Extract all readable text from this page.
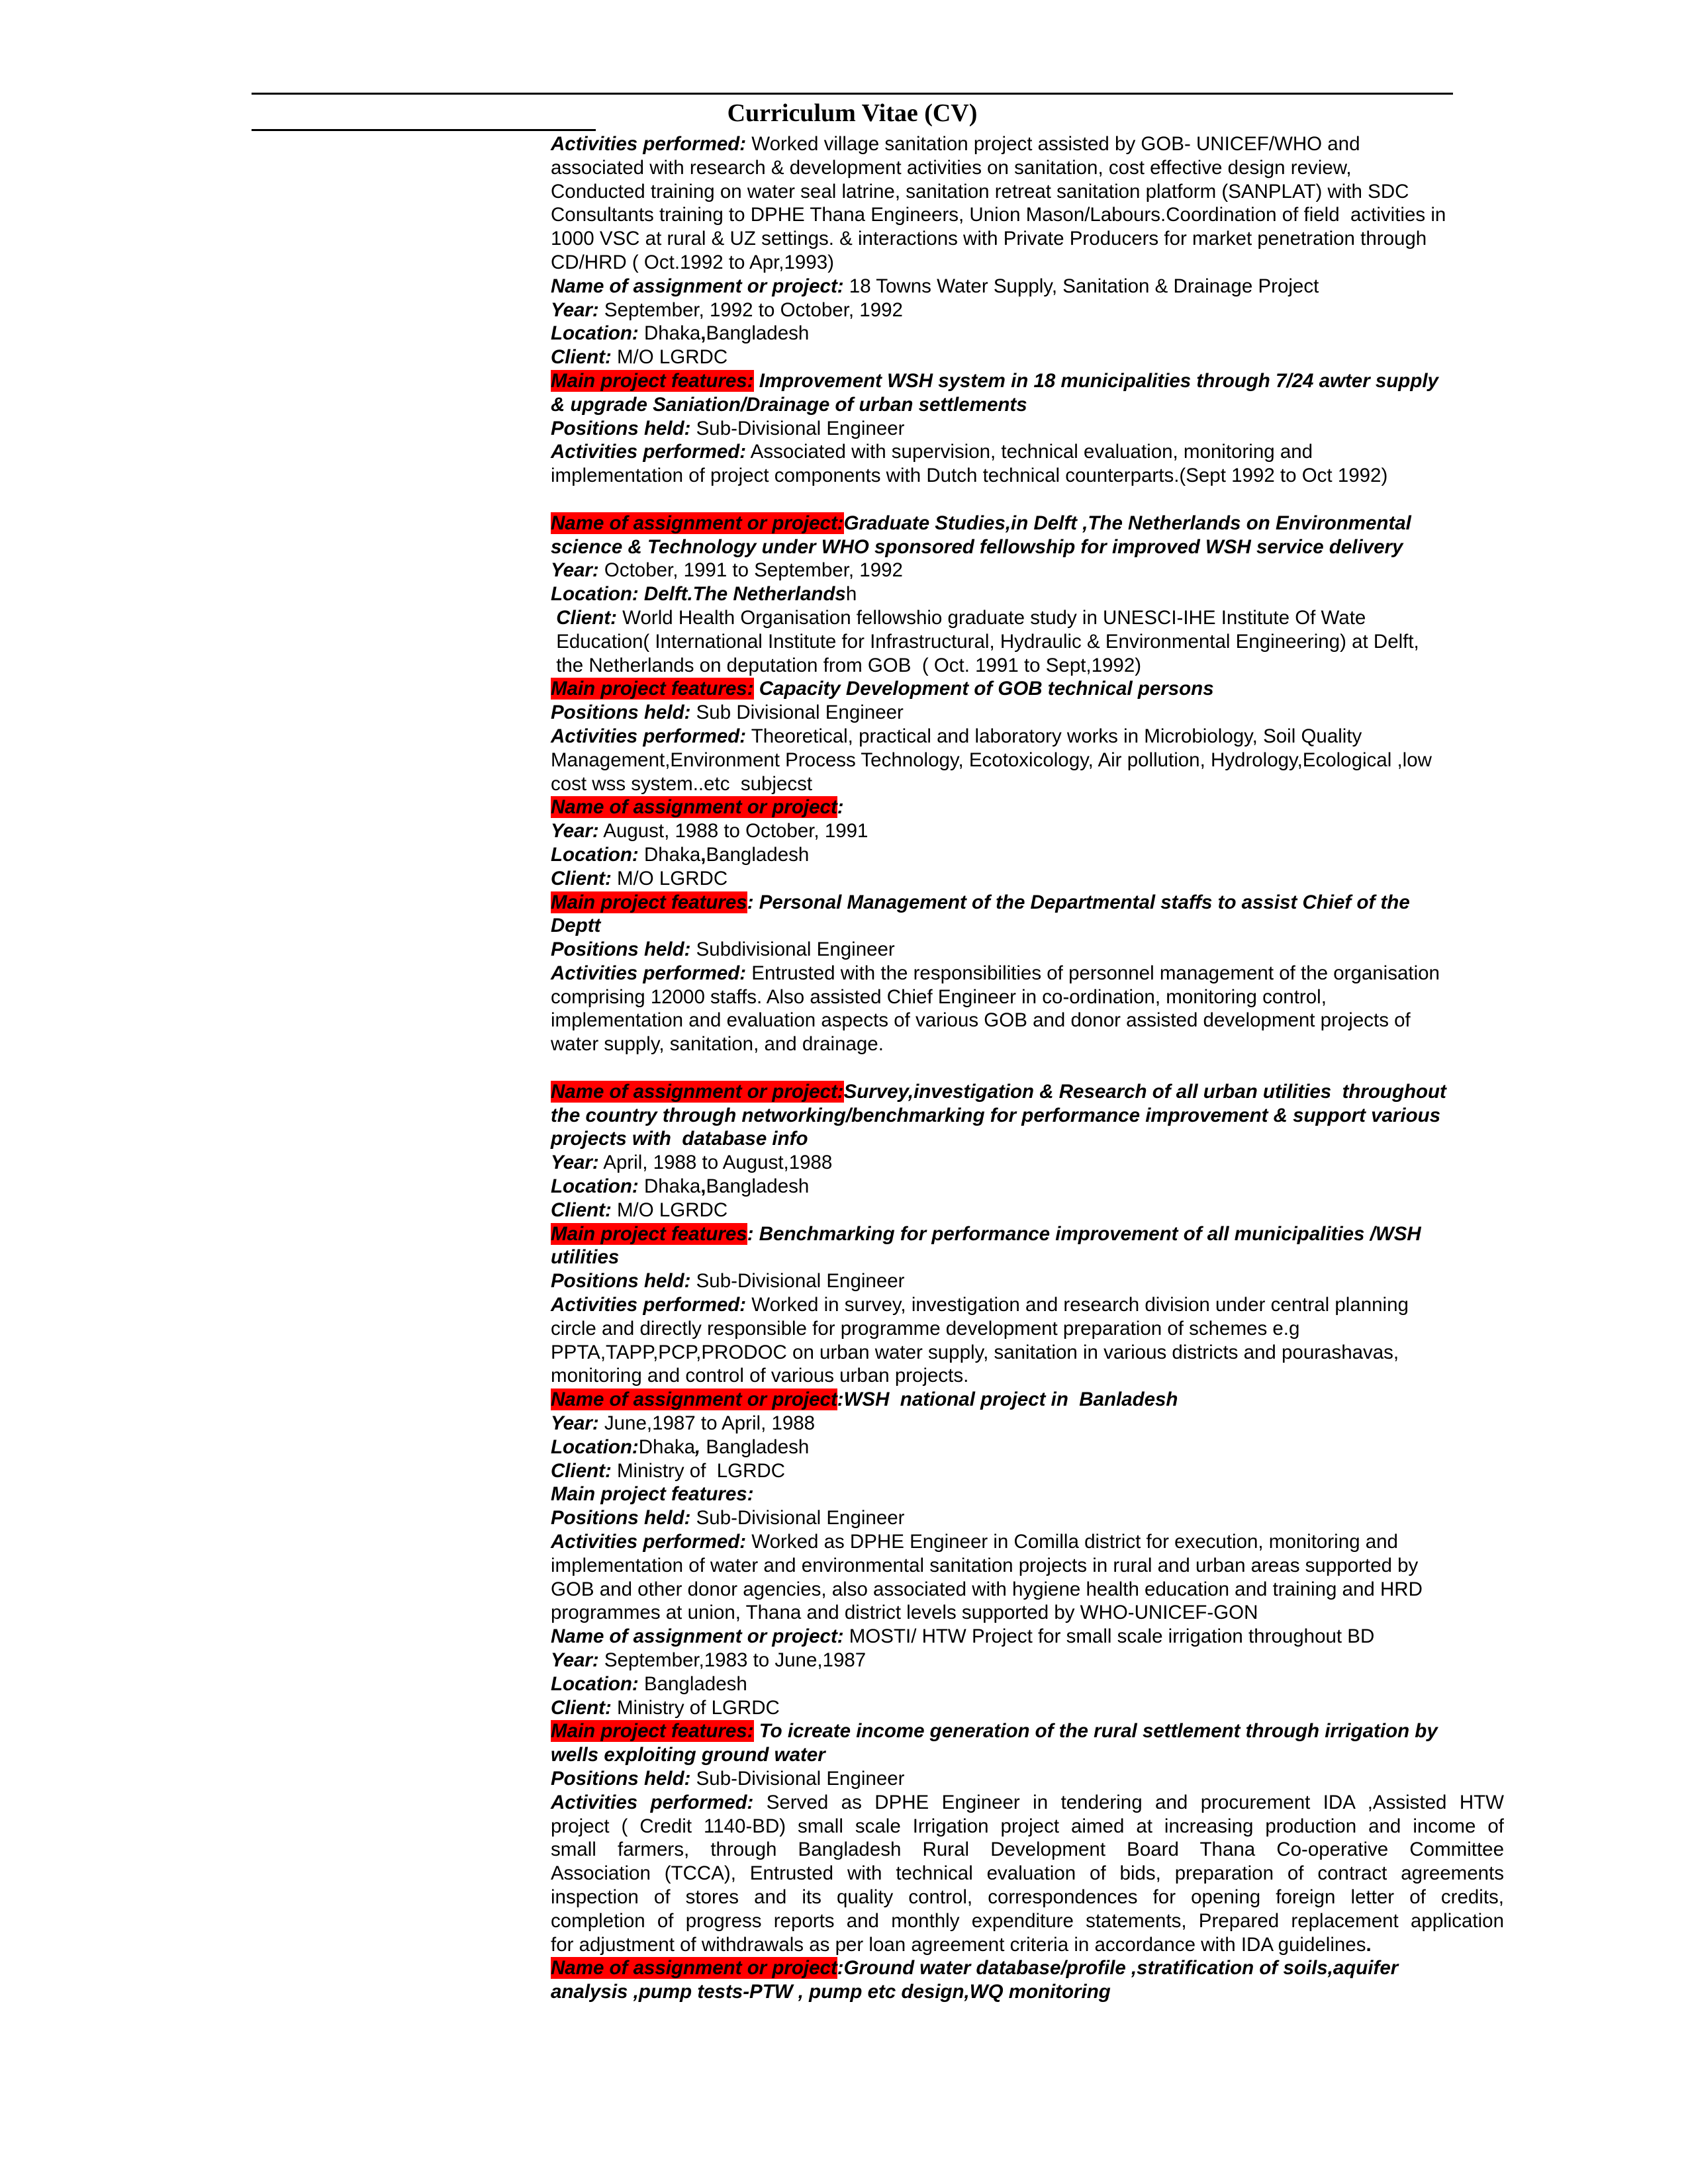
Curriculum Vitae (CV)
Activities performed: Worked village sanitation project assisted by GOB- UNICEF/WHO and
associated with research & development activities on sanitation, cost effective design review,
Conducted training on water seal latrine, sanitation retreat sanitation platform (SANPLAT) with SDC
Consultants training to DPHE Thana Engineers, Union Mason/Labours.Coordination of field  activities in
1000 VSC at rural & UZ settings. & interactions with Private Producers for market penetration through
CD/HRD ( Oct.1992 to Apr,1993)
Name of assignment or project: 18 Towns Water Supply, Sanitation & Drainage Project
Year: September, 1992 to October, 1992
Location: Dhaka,Bangladesh
Client: M/O LGRDC
Main project features: Improvement WSH system in 18 municipalities through 7/24 awter supply
& upgrade Saniation/Drainage of urban settlements
Positions held: Sub-Divisional Engineer
Activities performed: Associated with supervision, technical evaluation, monitoring and
implementation of project components with Dutch technical counterparts.(Sept 1992 to Oct 1992)
Name of assignment or project:Graduate Studies,in Delft ,The Netherlands on Environmental
science & Technology under WHO sponsored fellowship for improved WSH service delivery
Year: October, 1991 to September, 1992
Location: Delft.The Netherlandsh
Client: World Health Organisation fellowshio graduate study in UNESCI-IHE Institute Of Wate
Education( International Institute for Infrastructural, Hydraulic & Environmental Engineering) at Delft,
the Netherlands on deputation from GOB  ( Oct. 1991 to Sept,1992)
Main project features: Capacity Development of GOB technical persons
Positions held: Sub Divisional Engineer
Activities performed: Theoretical, practical and laboratory works in Microbiology, Soil Quality
Management,Environment Process Technology, Ecotoxicology, Air pollution, Hydrology,Ecological ,low
cost wss system..etc  subjecst
Name of assignment or project:
Year: August, 1988 to October, 1991
Location: Dhaka,Bangladesh
Client: M/O LGRDC
Main project features: Personal Management of the Departmental staffs to assist Chief of the
Deptt
Positions held: Subdivisional Engineer
Activities performed: Entrusted with the responsibilities of personnel management of the organisation
comprising 12000 staffs. Also assisted Chief Engineer in co-ordination, monitoring control,
implementation and evaluation aspects of various GOB and donor assisted development projects of
water supply, sanitation, and drainage.
Name of assignment or project:Survey,investigation & Research of all urban utilities  throughout
the country through networking/benchmarking for performance improvement & support various
projects with  database info
Year: April, 1988 to August,1988
Location: Dhaka,Bangladesh
Client: M/O LGRDC
Main project features: Benchmarking for performance improvement of all municipalities /WSH
utilities
Positions held: Sub-Divisional Engineer
Activities performed: Worked in survey, investigation and research division under central planning
circle and directly responsible for programme development preparation of schemes e.g
PPTA,TAPP,PCP,PRODOC on urban water supply, sanitation in various districts and pourashavas,
monitoring and control of various urban projects.
Name of assignment or project:WSH  national project in  Banladesh
Year: June,1987 to April, 1988
Location:Dhaka, Bangladesh
Client: Ministry of  LGRDC
Main project features:
Positions held: Sub-Divisional Engineer
Activities performed: Worked as DPHE Engineer in Comilla district for execution, monitoring and
implementation of water and environmental sanitation projects in rural and urban areas supported by
GOB and other donor agencies, also associated with hygiene health education and training and HRD
programmes at union, Thana and district levels supported by WHO-UNICEF-GON
Name of assignment or project: MOSTI/ HTW Project for small scale irrigation throughout BD
Year: September,1983 to June,1987
Location: Bangladesh
Client: Ministry of LGRDC
Main project features: To icreate income generation of the rural settlement through irrigation by
wells exploiting ground water
Positions held: Sub-Divisional Engineer
Activities performed: Served as DPHE Engineer in tendering and procurement IDA ,Assisted HTW
project ( Credit 1140-BD) small scale Irrigation project aimed at increasing production and income of
small farmers, through Bangladesh Rural Development Board Thana Co-operative Committee
Association (TCCA), Entrusted with technical evaluation of bids, preparation of contract agreements
inspection of stores and its quality control, correspondences for opening foreign letter of credits,
completion of progress reports and monthly expenditure statements, Prepared replacement application
for adjustment of withdrawals as per loan agreement criteria in accordance with IDA guidelines.
Name of assignment or project:Ground water database/profile ,stratification of soils,aquifer
analysis ,pump tests-PTW , pump etc design,WQ monitoring
